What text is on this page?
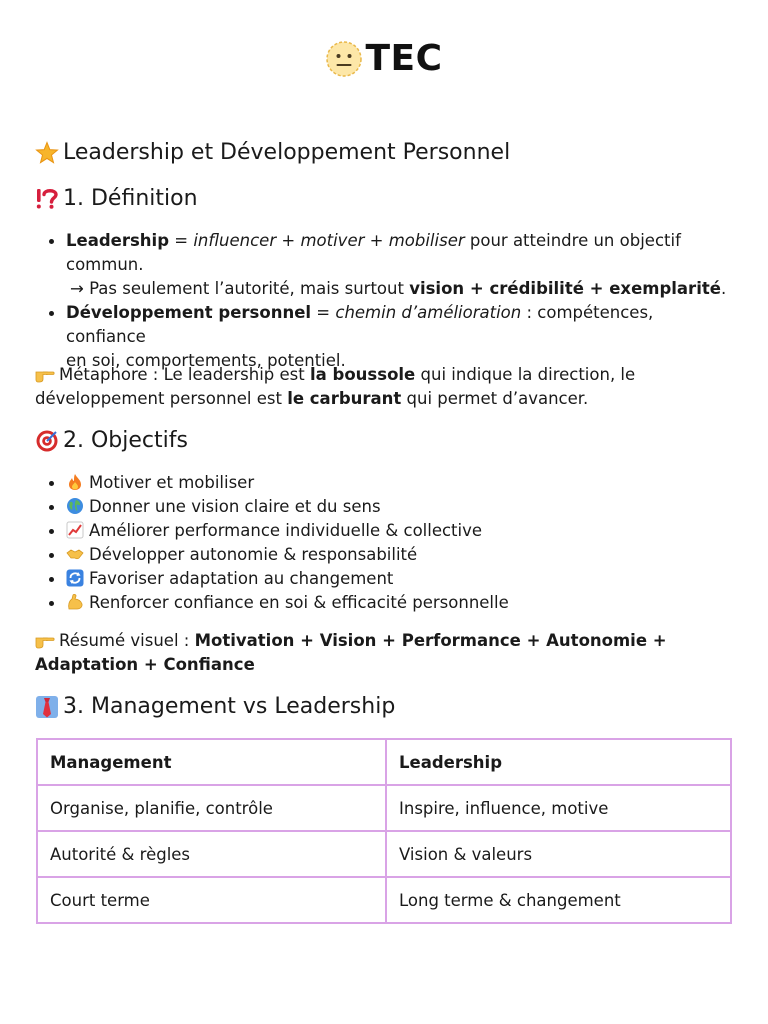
TEC
Leadership et Développement Personnel
1. Définition
Leadership = influencer + motiver + mobiliser pour atteindre un objectif
commun.
→ Pas seulement l’autorité, mais surtout vision + crédibilité + exemplarité.
Développement personnel = chemin d’amélioration : compétences, confiance
en soi, comportements, potentiel.
Métaphore : Le leadership est la boussole qui indique la direction, le
développement personnel est le carburant qui permet d’avancer.
2. Objectifs
Motiver et mobiliser
Donner une vision claire et du sens
Améliorer performance individuelle & collective
Développer autonomie & responsabilité
Favoriser adaptation au changement
Renforcer confiance en soi & efficacité personnelle
Résumé visuel : Motivation + Vision + Performance + Autonomie +
Adaptation + Confiance
3. Management vs Leadership
Management	Leadership
Organise, planifie, contrôle	Inspire, influence, motive
Autorité & règles	Vision & valeurs
Court terme	Long terme & changement
